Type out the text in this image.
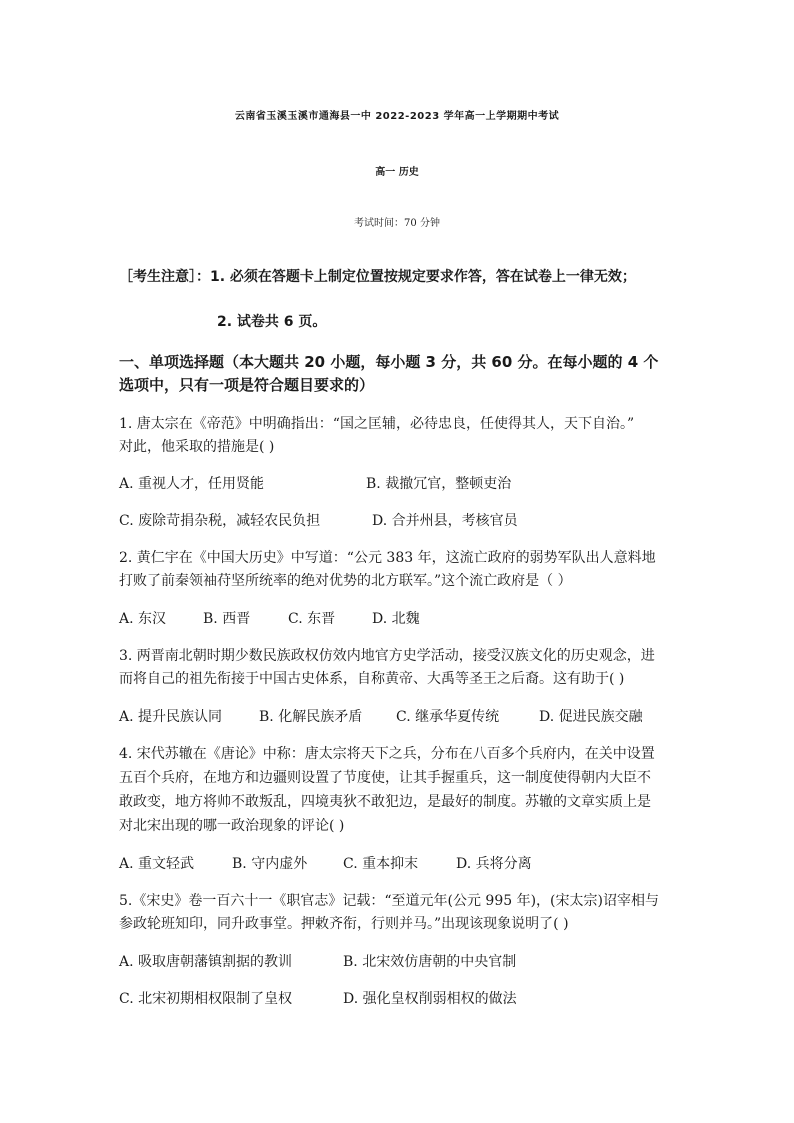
云南省玉溪玉溪市通海县一中 2022-2023 学年高一上学期期中考试
高一 历史
考试时间：70 分钟
［考生注意］：1. 必须在答题卡上制定位置按规定要求作答，答在试卷上一律无效；
2. 试卷共 6 页。
一、单项选择题（本大题共 20 小题，每小题 3 分，共 60 分。在每小题的 4 个
选项中，只有一项是符合题目要求的）
1. 唐太宗在《帝范》中明确指出：“国之匡辅，必待忠良，任使得其人，天下自治。”
对此，他采取的措施是( )
A. 重视人才，任用贤能	B. 裁撤冗官，整顿吏治
C. 废除苛捐杂税，减轻农民负担	D. 合并州县，考核官员
2. 黄仁宇在《中国大历史》中写道：“公元 383 年，这流亡政府的弱势军队出人意料地
打败了前秦领袖苻坚所统率的绝对优势的北方联军。”这个流亡政府是（ ）
A. 东汉	B. 西晋	C. 东晋	D. 北魏
3. 两晋南北朝时期少数民族政权仿效内地官方史学活动，接受汉族文化的历史观念，进
而将自己的祖先衔接于中国古史体系，自称黄帝、大禹等圣王之后裔。这有助于( )
A. 提升民族认同	B. 化解民族矛盾 C. 继承华夏传统	D. 促进民族交融
4. 宋代苏辙在《唐论》中称：唐太宗将天下之兵，分布在八百多个兵府内，在关中设置
五百个兵府，在地方和边疆则设置了节度使，让其手握重兵，这一制度使得朝内大臣不
敢政变，地方将帅不敢叛乱，四境夷狄不敢犯边，是最好的制度。苏辙的文章实质上是
对北宋出现的哪一政治现象的评论( )
A. 重文轻武	B. 守内虚外	C. 重本抑末	D. 兵将分离
5.《宋史》卷一百六十一《职官志》记载：“至道元年(公元 995 年)，(宋太宗)诏宰相与
参政轮班知印，同升政事堂。押敕齐衔，行则并马。”出现该现象说明了( )
A. 吸取唐朝藩镇割据的教训	B. 北宋效仿唐朝的中央官制
C. 北宋初期相权限制了皇权	D. 强化皇权削弱相权的做法
